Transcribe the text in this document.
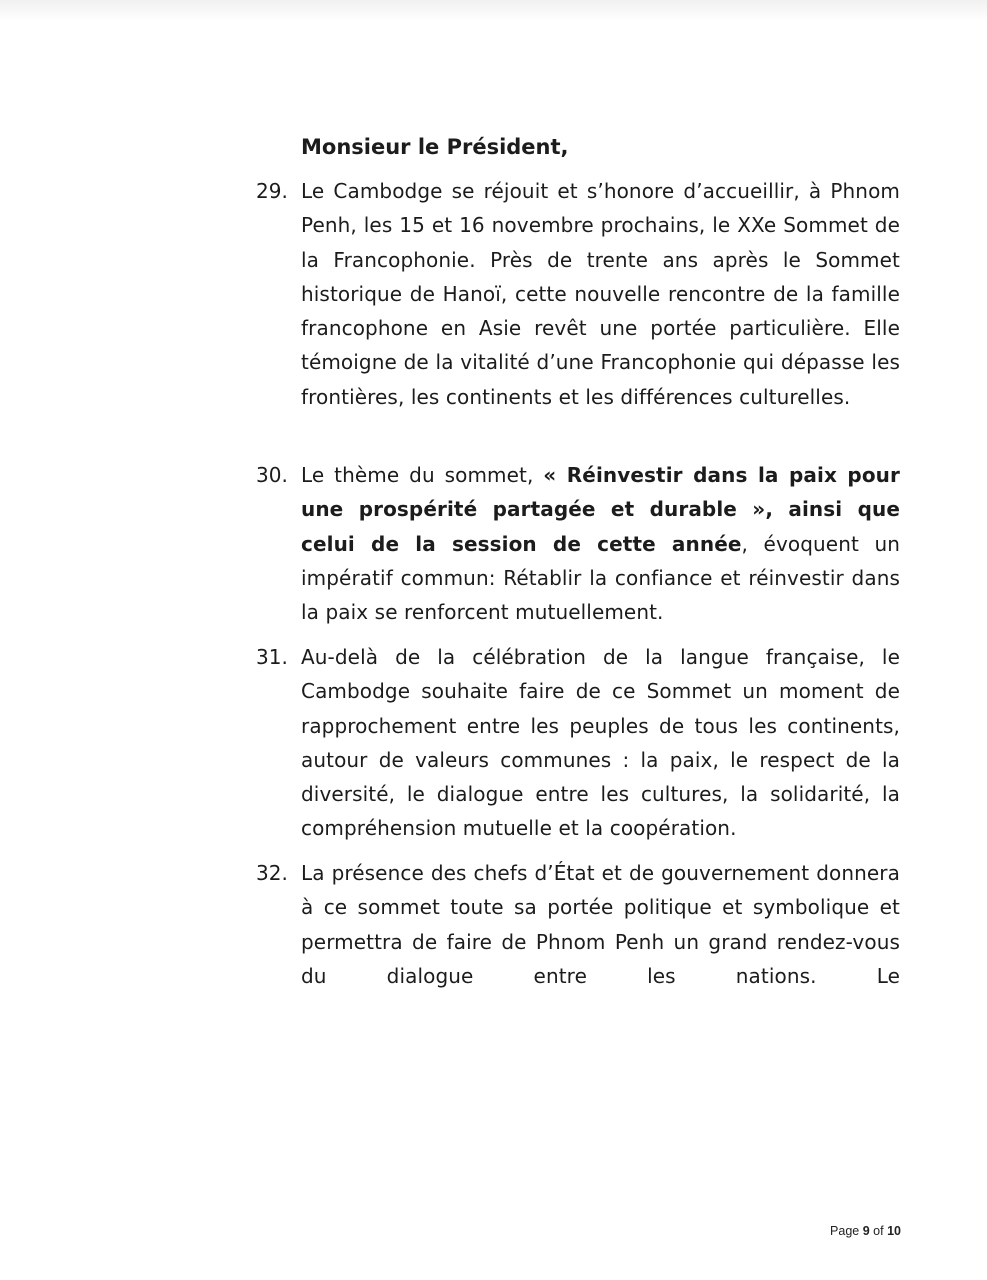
Monsieur le Président,
29. Le Cambodge se réjouit et s’honore d’accueillir, à Phnom Penh, les 15 et 16 novembre prochains, le XXe Sommet de la Francophonie. Près de trente ans après le Sommet historique de Hanoï, cette nouvelle rencontre de la famille francophone en Asie revêt une portée particulière. Elle témoigne de la vitalité d’une Francophonie qui dépasse les frontières, les continents et les différences culturelles.
30. Le thème du sommet, « Réinvestir dans la paix pour une prospérité partagée et durable », ainsi que celui de la session de cette année, évoquent un impératif commun: Rétablir la confiance et réinvestir dans la paix se renforcent mutuellement.
31. Au-delà de la célébration de la langue française, le Cambodge souhaite faire de ce Sommet un moment de rapprochement entre les peuples de tous les continents, autour de valeurs communes : la paix, le respect de la diversité, le dialogue entre les cultures, la solidarité, la compréhension mutuelle et la coopération.
32. La présence des chefs d’État et de gouvernement donnera à ce sommet toute sa portée politique et symbolique et permettra de faire de Phnom Penh un grand rendez-vous du dialogue entre les nations. Le
Page 9 of 10
